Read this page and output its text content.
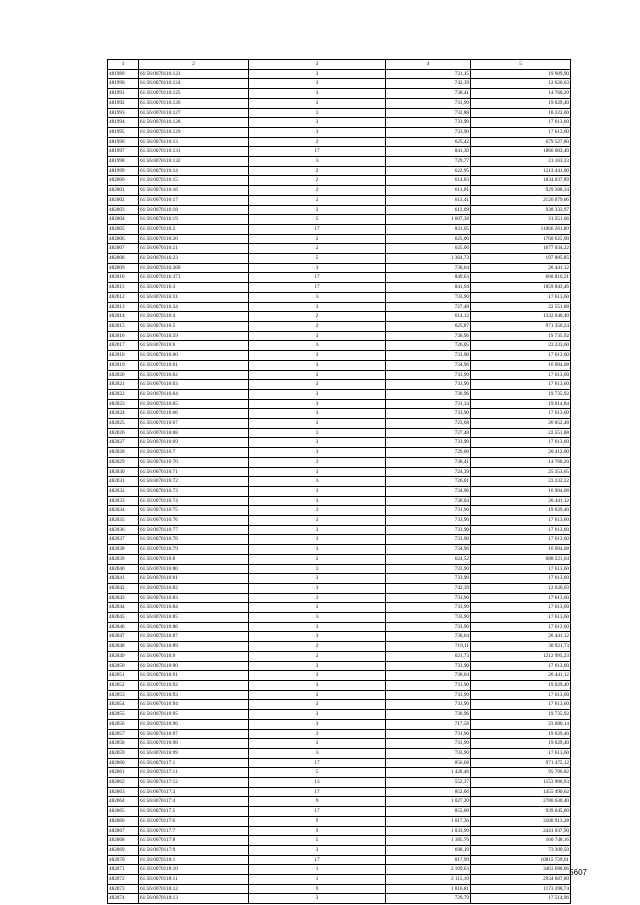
1	2	3	4	5
481989	61:56:0070116:123	3	731,15	19 909,90
481990	61:56:0070116:124	3	742,39	12 620,63
481991	61:56:0070116:125	3	738,41	14 768,20
481992	61:56:0070116:126	3	731,90	19 029,40
481993	61:56:0070116:127	3	732,88	18 322,00
481994	61:56:0070116:128	3	733,90	17 613,60
481995	61:56:0070116:129	3	733,90	17 613,60
481996	61:56:0070116:13	2	625,42	679 527,80
481997	61:56:0070116:131	17	841,30	1866 003,40
481998	61:56:0070116:132	3	729,77	21 163,33
481999	61:56:0070116:14	2	622,95	1213 441,00
482000	61:56:0070116:15	2	614,83	1834 037,89
482001	61:56:0070116:16	2	613,81	929 308,34
482002	61:56:0070116:17	2	613,41	2126 079,06
482003	61:56:0070116:18	2	612,09	938 333,97
482004	61:56:0070116:19	5	1 607,38	31 251,66
482005	61:56:0070116:2	17	831,05	11066 261,80
482006	61:56:0070116:20	2	625,00	1760 625,00
482007	61:56:0070116:21	2	625,06	1677 034,22
482008	61:56:0070116:23	5	1 364,73	197 885,85
482009	61:56:0070116:360	3	730,04	20 441,12
482010	61:56:0070116:371	17	849,63	668 816,21
482011	61:56:0070116:3	17	841,94	1859 843,46
482012	61:56:0070116:31	3	733,90	17 613,60
482013	61:56:0070116:34	3	727,48	22 551,88
482014	61:56:0070116:4	2	614,12	1332 640,40
482015	61:56:0070116:5	2	625,87	971 350,24
482016	61:56:0070116:59	3	730,96	19 735,92
482017	61:56:0070116:6	3	726,05	23 233,60
482018	61:56:0070116:60	3	733,90	17 613,60
482019	61:56:0070116:61	3	734,96	16 904,08
482020	61:56:0070116:62	3	733,90	17 613,60
482021	61:56:0070116:63	3	733,90	17 613,60
482022	61:56:0070116:64	3	730,96	19 735,92
482023	61:56:0070116:65	3	731,34	19 014,84
482024	61:56:0070116:66	3	733,90	17 613,60
482025	61:56:0070116:67	3	723,68	26 052,48
482026	61:56:0070116:68	3	727,48	22 551,88
482027	61:56:0070116:69	3	733,90	17 613,60
482028	61:56:0070116:7	3	729,00	20 412,00
482029	61:56:0070116:70	3	738,41	14 768,20
482030	61:56:0070116:71	3	724,39	25 353,65
482031	61:56:0070116:72	3	726,01	23 232,32
482032	61:56:0070116:73	3	734,96	16 904,08
482033	61:56:0070116:74	3	730,04	20 441,12
482034	61:56:0070116:75	3	731,90	19 029,40
482035	61:56:0070116:76	3	733,90	17 613,60
482036	61:56:0070116:77	3	733,90	17 613,60
482037	61:56:0070116:78	3	733,90	17 613,60
482038	61:56:0070116:79	3	734,96	16 904,08
482039	61:56:0070116:8	2	624,52	688 221,04
482040	61:56:0070116:80	3	733,90	17 613,60
482041	61:56:0070116:81	3	733,90	17 613,60
482042	61:56:0070116:82	3	742,39	12 620,63
482043	61:56:0070116:83	3	733,90	17 613,60
482044	61:56:0070116:84	3	733,90	17 613,60
482045	61:56:0070116:85	3	733,90	17 613,60
482046	61:56:0070116:86	3	733,90	17 613,60
482047	61:56:0070116:87	3	730,04	20 441,12
482048	61:56:0070116:89	2	719,11	30 921,73
482049	61:56:0070116:9	2	621,73	1212 995,23
482050	61:56:0070116:90	3	733,90	17 613,60
482051	61:56:0070116:91	3	730,04	20 441,12
482052	61:56:0070116:92	3	731,90	19 029,40
482053	61:56:0070116:93	3	733,90	17 613,60
482054	61:56:0070116:94	3	733,90	17 613,60
482055	61:56:0070116:95	3	730,96	19 735,92
482056	61:56:0070116:96	3	717,58	23 680,14
482057	61:56:0070116:97	3	731,90	19 029,40
482058	61:56:0070116:98	3	731,90	19 029,40
482059	61:56:0070116:99	3	733,90	17 613,60
482060	61:56:0070117:1	17	856,68	971 475,12
482061	61:56:0070117:11	5	1 428,46	95 706,82
482062	61:56:0070117:12	13	552,37	1153 900,93
482063	61:56:0070117:3	17	852,66	1455 490,62
482064	61:56:0070117:4	9	1 027,20	2780 630,40
482065	61:56:0070117:5	17	855,00	939 645,00
482066	61:56:0070117:6	9	1 017,36	3100 913,28
482067	61:56:0070117:7	9	1 033,90	2441 037,90
482068	61:56:0070117:8	5	1 385,76	160 748,16
482069	61:56:0070117:9	3	698,10	73 300,50
482070	61:56:0070118:1	17	817,99	10815 729,61
482071	61:56:0070118:10	1	2 109,63	3463 688,06
482072	61:56:0070118:11	1	2 115,10	2934 607,80
482073	61:56:0070118:12	9	1 016,81	1173 398,74
482074	61:56:0070118:13	3	729,79	17 514,96
5607
